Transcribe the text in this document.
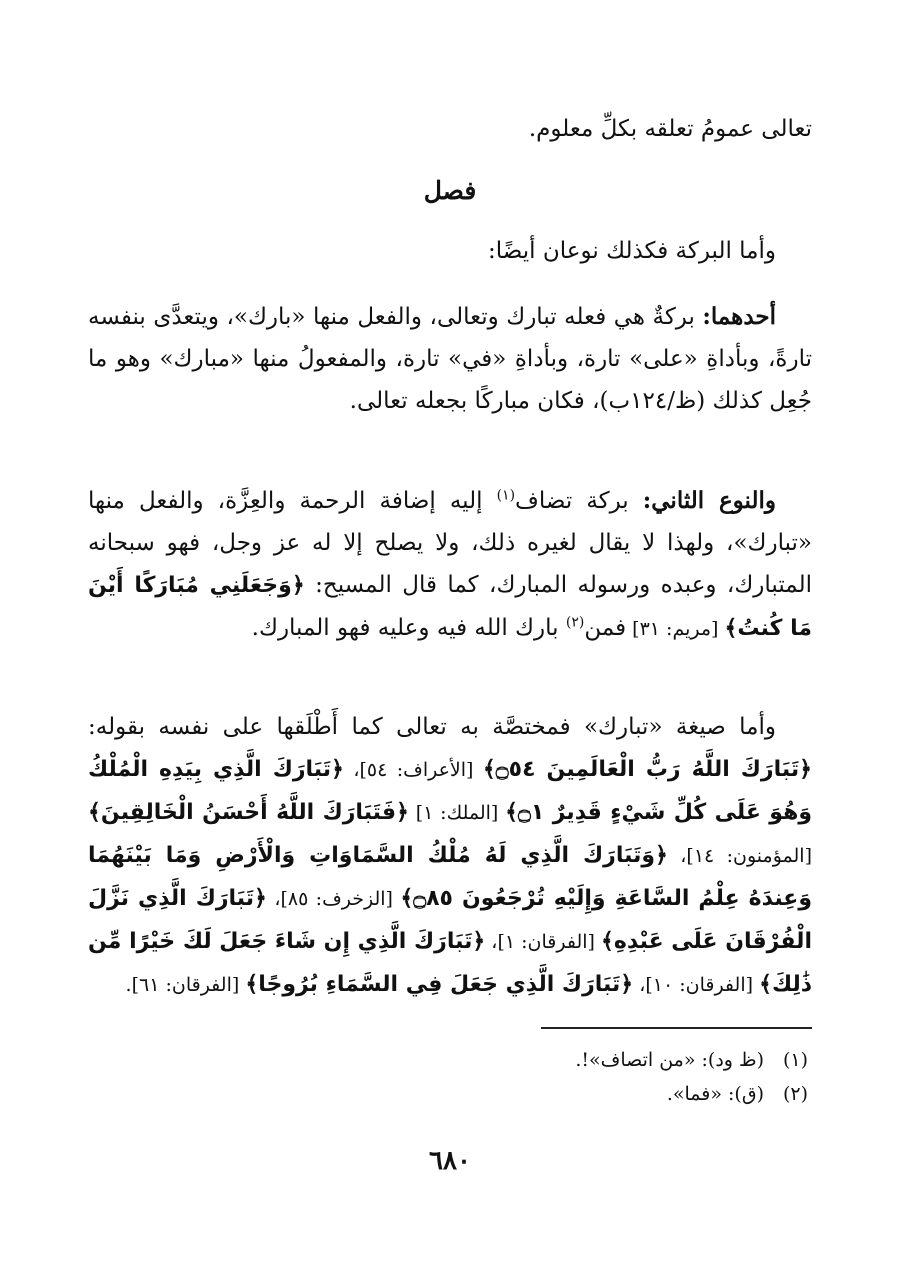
تعالى عمومُ تعلقه بكلِّ معلوم.

فصل

وأما البركة فكذلك نوعان أيضًا:

أحدهما: بركةٌ هي فعله تبارك وتعالى، والفعل منها «بارك»، ويتعدَّى بنفسه تارةً، وبأداةِ «على» تارة، وبأداةِ «في» تارة، والمفعولُ منها «مبارك» وهو ما جُعِل كذلك (ظ/١٢٤ب)، فكان مباركًا بجعله تعالى.

والنوع الثاني: بركة تضاف$^{(١)}$ إليه إضافة الرحمة والعِزَّة، والفعل منها «تبارك»، ولهذا لا يقال لغيره ذلك، ولا يصلح إلا له عز وجل، فهو سبحانه المتبارك، وعبده ورسوله المبارك، كما قال المسيح: ﴿وَجَعَلَنِي مُبَارَكًا أَيْنَ مَا كُنتُ﴾ [مريم: ٣١] فمن$^{(٢)}$ بارك الله فيه وعليه فهو المبارك.

وأما صيغة «تبارك» فمختصَّة به تعالى كما أَطْلَقها على نفسه بقوله: ﴿تَبَارَكَ اللَّهُ رَبُّ الْعَالَمِينَ ۝٥٤﴾ [الأعراف: ٥٤]، ﴿تَبَارَكَ الَّذِي بِيَدِهِ الْمُلْكُ وَهُوَ عَلَى كُلِّ شَيْءٍ قَدِيرٌ ۝١﴾ [الملك: ١] ﴿فَتَبَارَكَ اللَّهُ أَحْسَنُ الْخَالِقِينَ﴾ [المؤمنون: ١٤]، ﴿وَتَبَارَكَ الَّذِي لَهُ مُلْكُ السَّمَاوَاتِ وَالْأَرْضِ وَمَا بَيْنَهُمَا وَعِندَهُ عِلْمُ السَّاعَةِ وَإِلَيْهِ تُرْجَعُونَ ۝٨٥﴾ [الزخرف: ٨٥]، ﴿تَبَارَكَ الَّذِي نَزَّلَ الْفُرْقَانَ عَلَى عَبْدِهِ﴾ [الفرقان: ١]، ﴿تَبَارَكَ الَّذِي إِن شَاءَ جَعَلَ لَكَ خَيْرًا مِّن ذَٰلِكَ﴾ [الفرقان: ١٠]، ﴿تَبَارَكَ الَّذِي جَعَلَ فِي السَّمَاءِ بُرُوجًا﴾ [الفرقان: ٦١].

(١)(ظ ود): «من اتصاف»!.
(٢)(ق): «فما».
٦٨٠
